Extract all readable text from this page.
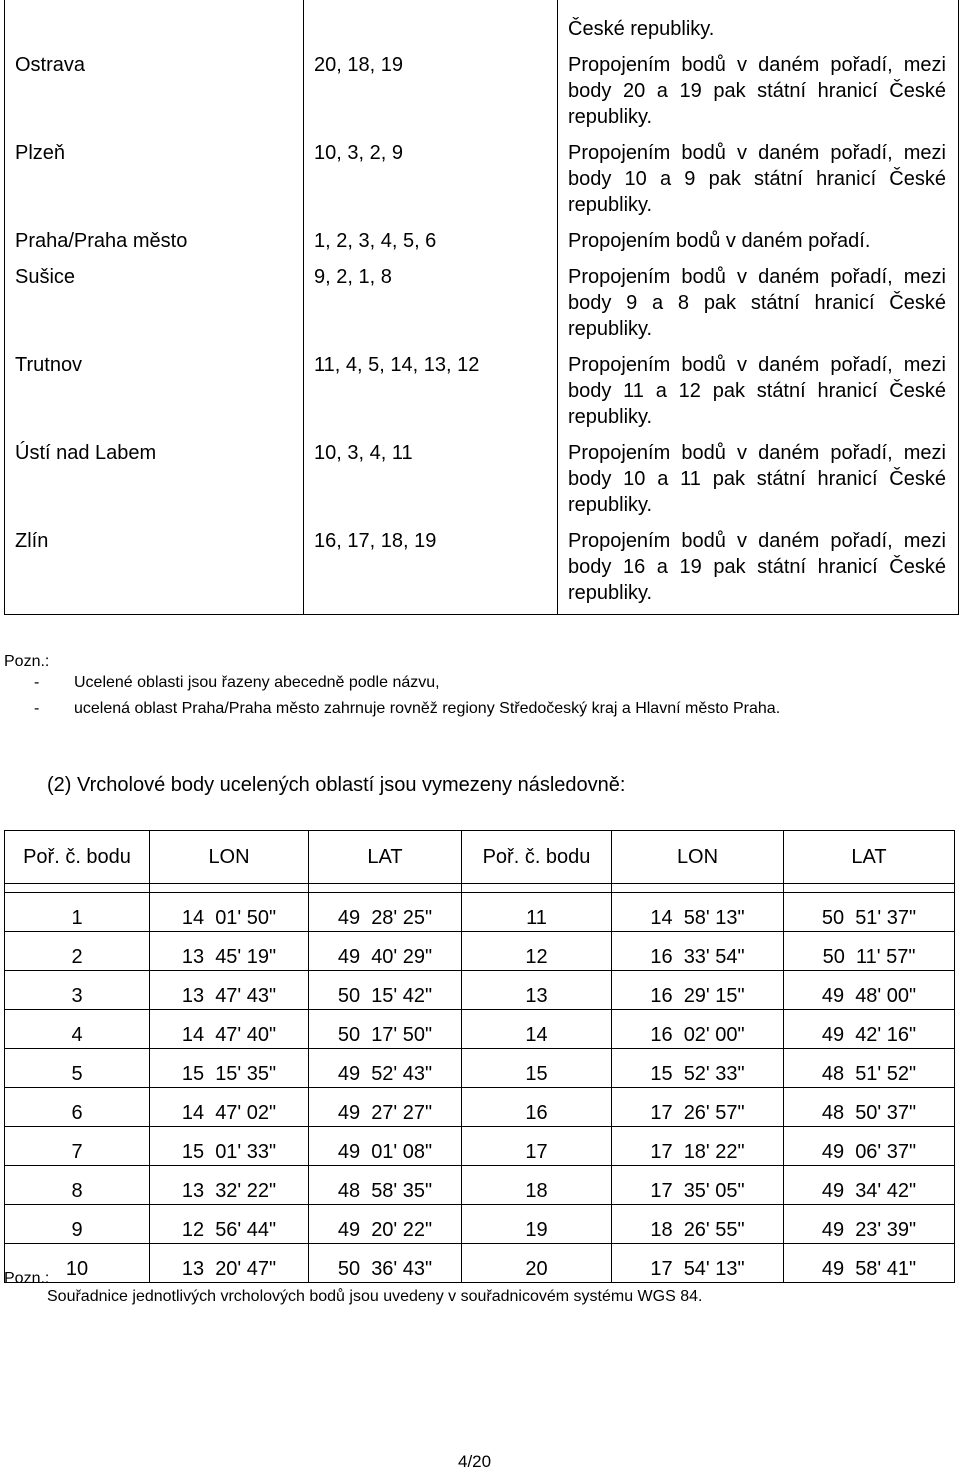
		České republiky.
Ostrava	20, 18, 19	Propojením bodů v daném pořadí, mezi body 20 a 19 pak státní hranicí České republiky.
Plzeň	10, 3, 2, 9	Propojením bodů v daném pořadí, mezi body 10 a 9 pak státní hranicí České republiky.
Praha/Praha město	1, 2, 3, 4, 5, 6	Propojením bodů v daném pořadí.
Sušice	9, 2, 1, 8	Propojením bodů v daném pořadí, mezi body 9 a 8 pak státní hranicí České republiky.
Trutnov	11, 4, 5, 14, 13, 12	Propojením bodů v daném pořadí, mezi body 11 a 12 pak státní hranicí České republiky.
Ústí nad Labem	10, 3, 4, 11	Propojením bodů v daném pořadí, mezi body 10 a 11 pak státní hranicí České republiky.
Zlín	16, 17, 18, 19	Propojením bodů v daném pořadí, mezi body 16 a 19 pak státní hranicí České republiky.
Pozn.:
-	Ucelené oblasti jsou řazeny abecedně podle názvu,
-	ucelená oblast Praha/Praha město zahrnuje rovněž regiony Středočeský kraj a Hlavní město Praha.
(2) Vrcholové body ucelených oblastí jsou vymezeny následovně:
Poř. č. bodu	LON	LAT	Poř. č. bodu	LON	LAT

1	14  01' 50"	49  28' 25"	11	14  58' 13"	50  51' 37"
2	13  45' 19"	49  40' 29"	12	16  33' 54"	50  11' 57"
3	13  47' 43"	50  15' 42"	13	16  29' 15"	49  48' 00"
4	14  47' 40"	50  17' 50"	14	16  02' 00"	49  42' 16"
5	15  15' 35"	49  52' 43"	15	15  52' 33"	48  51' 52"
6	14  47' 02"	49  27' 27"	16	17  26' 57"	48  50' 37"
7	15  01' 33"	49  01' 08"	17	17  18' 22"	49  06' 37"
8	13  32' 22"	48  58' 35"	18	17  35' 05"	49  34' 42"
9	12  56' 44"	49  20' 22"	19	18  26' 55"	49  23' 39"
10	13  20' 47"	50  36' 43"	20	17  54' 13"	49  58' 41"
Pozn.:
Souřadnice jednotlivých vrcholových bodů jsou uvedeny v souřadnicovém systému WGS 84.
4/20
